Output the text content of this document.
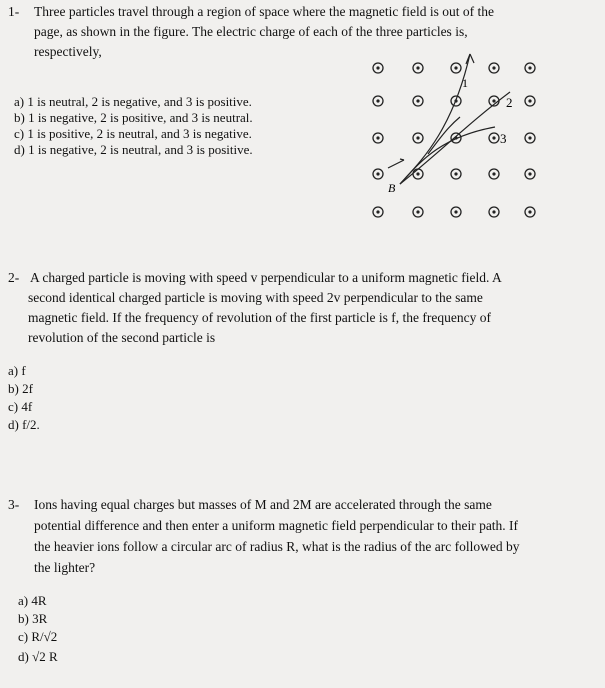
1- Three particles travel through a region of space where the magnetic field is out of the
page, as shown in the figure. The electric charge of each of the three particles is,
respectively,
a) 1 is neutral, 2 is negative, and 3 is positive.
b) 1 is negative, 2 is positive, and 3 is neutral.
c) 1 is positive, 2 is neutral, and 3 is negative.
d) 1 is negative, 2 is neutral, and 3 is positive.
1
2
3
B
2- A charged particle is moving with speed v perpendicular to a uniform magnetic field. A
second identical charged particle is moving with speed 2v perpendicular to the same
magnetic field. If the frequency of revolution of the first particle is f, the frequency of
revolution of the second particle is
a) f
b) 2f
c) 4f
d) f/2.
3- Ions having equal charges but masses of M and 2M are accelerated through the same
potential difference and then enter a uniform magnetic field perpendicular to their path. If
the heavier ions follow a circular arc of radius R, what is the radius of the arc followed by
the lighter?
a) 4R
b) 3R
c) R/√2
d) √2 R
